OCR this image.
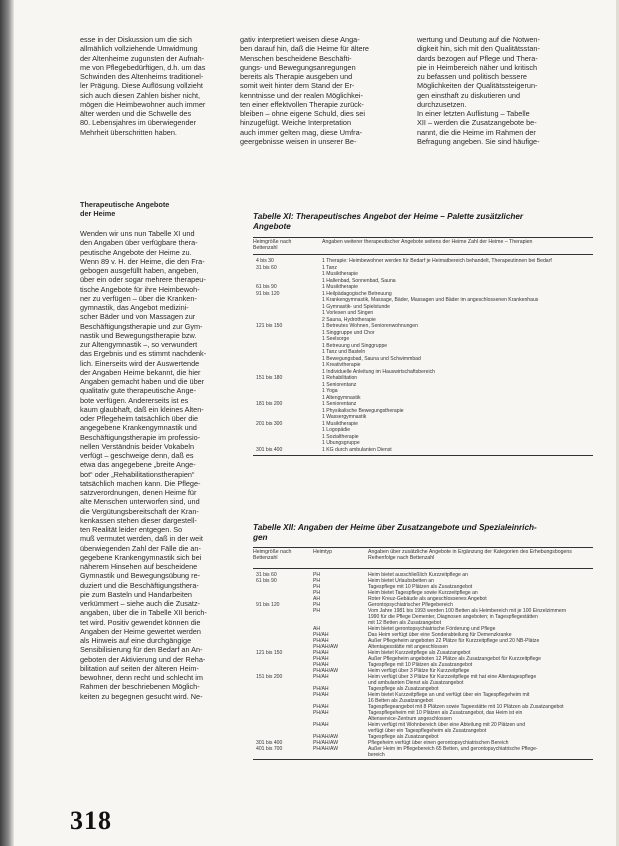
esse in der Diskussion um die sich
allmählich vollziehende Umwidmung
der Altenheime zugunsten der Aufnah-
me von Pflegebedürftigen, d.h. um das
Schwinden des Altenheims traditionel-
ler Prägung. Diese Auflösung vollzieht
sich auch diesen Zahlen bisher nicht,
mögen die Heimbewohner auch immer
älter werden und die Schwelle des
80. Lebensjahres im überwiegender
Mehrheit überschritten haben.
gativ interpretiert weisen diese Anga-
ben darauf hin, daß die Heime für ältere
Menschen bescheidene Beschäfti-
gungs- und Bewegungsanregungen
bereits als Therapie ausgeben und
somit weit hinter dem Stand der Er-
kenntnisse und der realen Möglichkei-
ten einer effektvollen Therapie zurück-
bleiben – ohne eigene Schuld, dies sei
hinzugefügt. Weiche Interpretation
auch immer gelten mag, diese Umfra-
geergebnisse weisen in unserer Be-
wertung und Deutung auf die Notwen-
digkeit hin, sich mit den Qualitätsstan-
dards bezogen auf Pflege und Thera-
pie in Heimbereich näher und kritisch
zu befassen und politisch bessere
Möglichkeiten der Qualitätssteigerun-
gen einsthaft zu diskutieren und
durchzusetzen.
In einer letzten Auflistung – Tabelle
XII – werden die Zusatzangebote be-
nannt, die die Heime im Rahmen der
Befragung angeben. Sie sind häufige-
Therapeutische Angebote
der Heime
Wenden wir uns nun Tabelle XI und
den Angaben über verfügbare thera-
peutische Angebote der Heime zu.
Wenn 89 v. H. der Heime, die den Fra-
gebogen ausgefüllt haben, angeben,
über ein oder sogar mehrere therapeu-
tische Angebote für ihre Heimbewoh-
ner zu verfügen – über die Kranken-
gymnastik, das Angebot medizini-
scher Bäder und von Massagen zur
Beschäftigungstherapie und zur Gym-
nastik und Bewegungstherapie bzw.
zur Altengymnastik –, so verwundert
das Ergebnis und es stimmt nachdenk-
lich. Einerseits wird der Auswertende
der Angaben Heime bekannt, die hier
Angaben gemacht haben und die über
qualitativ gute therapeutische Ange-
bote verfügen. Andererseits ist es
kaum glaubhaft, daß ein kleines Alten-
oder Pflegeheim tatsächlich über die
angegebene Krankengymnastik und
Beschäftigungstherapie im professio-
nellen Verständnis beider Vokabeln
verfügt – geschweige denn, daß es
etwa das angegebene „breite Ange-
bot“ oder „Rehabilitationstherapien“
tatsächlich machen kann. Die Pflege-
satzverordnungen, denen Heime für
alte Menschen unterworfen sind, und
die Vergütungsbereitschaft der Kran-
kenkassen stehen dieser dargestell-
ten Realität leider entgegen. So
muß vermutet werden, daß in der weit
überwiegenden Zahl der Fälle die an-
gegebene Krankengymnastik sich bei
näherem Hinsehen auf bescheidene
Gymnastik und Bewegungsübung re-
duziert und die Beschäftigungsthera-
pie zum Basteln und Handarbeiten
verkümmert – siehe auch die Zusatz-
angaben, über die in Tabelle XII berich-
tet wird. Positiv gewendet können die
Angaben der Heime gewertet werden
als Hinweis auf eine durchgängige
Sensibilisierung für den Bedarf an An-
geboten der Aktivierung und der Reha-
bilitation auf seiten der älteren Heim-
bewohner, denn recht und schlecht im
Rahmen der beschriebenen Möglich-
keiten zu begegnen gesucht wird. Ne-
Tabelle XI: Therapeutisches Angebot der Heime – Palette zusätzlicher
Angebote
Heimgröße nach Bettenzahl
Angaben weiterer therapeutischer Angebote seitens der Heime Zahl der Heime – Therapien
4 bis 30	1 Therapie: Heimbewohner werden für Bedarf je Heimatbereich behandelt, Therapeutinnen bei Bedarf
31 bis 60	1 Tanz
1 Musiktherapie
1 Hallenbad, Sonnenbad, Sauna
61 bis 90	1 Musiktherapie
91 bis 120	1 Heilpädagogische Betreuung
1 Krankengymnastik, Massage, Bäder, Massagen und Bäder im angeschlossenen Krankenhaus
1 Gymnastik- und Spielstunde
1 Vorlesen und Singen
2 Sauna, Hydrotherapie
121 bis 150	1 Betreutes Wohnen, Seniorenwohnungen
1 Singgruppe und Chor
1 Seelsorge
1 Betreuung und Singgruppe
1 Tanz und Basteln
1 Bewegungsbad, Sauna und Schwimmbad
1 Kreativtherapie
1 Individuelle Anleitung im Hauswirtschaftsbereich
151 bis 180	1 Rehabilitation
1 Seniorentanz
1 Yoga
1 Altengymnastik
181 bis 200	1 Seniorentanz
1 Physikalische Bewegungstherapie
1 Wassergymnastik
201 bis 300	1 Musiktherapie
1 Logopädie
1 Sozialtherapie
1 Übungsgruppe
301 bis 400	1 KG durch ambulanten Dienst
Tabelle XII: Angaben der Heime über Zusatzangebote und Spezialeinrich-
gen
Heimgröße nach Bettenzahl
Heimtyp	Angaben über zusätzliche Angebote in Ergänzung der Kategorien des Erhebungsbogens Reihenfolge nach Bettenzahl
31 bis 60	PH	Heim bietet ausschließlich Kurzzeitpflege an
61 bis 90	PH	Heim bietet Urlaubsbetten an
PH	Tagespflege mit 10 Plätzen als Zusatzangebot
PH	Heim bietet Tagespflege sowie Kurzzeitpflege an
AH	Roter Kreuz-Gebäude als angeschlossenes Angebot
91 bis 120	PH	Gerontopsychiatrischer Pflegebereich
PH	Vom Jahre 1981 bis 1993 werden 100 Betten als Heimbereich mit je 100 Einzelzimmern
1990 für die Pflege Dementer, Diagnosen angeboten; in Tagespflegestätten
mit 12 Betten als Zusatzangebot
AH	Heim bietet gerontopsychiatrische Förderung und Pflege
PH/AH	Das Heim verfügt über eine Sonderabteilung für Demenzkranke
PH/AH	Außer Pflegeheim angeboten 22 Plätze für Kurzzeitpflege und 20 NB-Plätze
PH/AH/AW	Altentagesstätte mit angeschlossen
121 bis 150	PH/AH	Heim bietet Kurzzeitpflege als Zusatzangebot
PH/AH	Außer Pflegeheim angeboten 12 Plätze als Zusatzangebot für Kurzzeitpflege
PH/AH	Tagespflege mit 10 Plätzen als Zusatzangebot
PH/AH/AW	Heim verfügt über 3 Plätze für Kurzzeitpflege
151 bis 200	PH/AH	Heim verfügt über 3 Plätze für Kurzzeitpflege mit hat eine Altentagespflege
und ambulanten Dienst als Zusatzangebot
PH/AH	Tagespflege als Zusatzangebot
PH/AH	Heim bietet Kurzzeitpflege an und verfügt über ein Tagespflegeheim mit
16 Betten als Zusatzangebot
PH/AH	Tagespflegeangebot mit 8 Plätzen sowie Tageestätte mit 10 Plätzen als Zusatzangebot
PH/AH	Tagespflegeheim mit 10 Plätzen als Zusatzangebot, das Heim ist ein
Altenservice-Zentrum angeschlossen
PH/AH	Heim verfügt mit Wohnbereich über eine Abteilung mit 20 Plätzen und
verfügt über ein Tagespflegeheim als Zusatzangebot
PH/AH/AW	Tagespflege als Zusatzangebot
301 bis 400	PH/AH/AW	Pflegeheim verfügt über einen gerontopsychiatrischen Bereich
401 bis 700	PH/AH/AW	Außer Heim im Pflegebereich 65 Betten, und gerontopsychiatrische Pflege-
bereich
318
